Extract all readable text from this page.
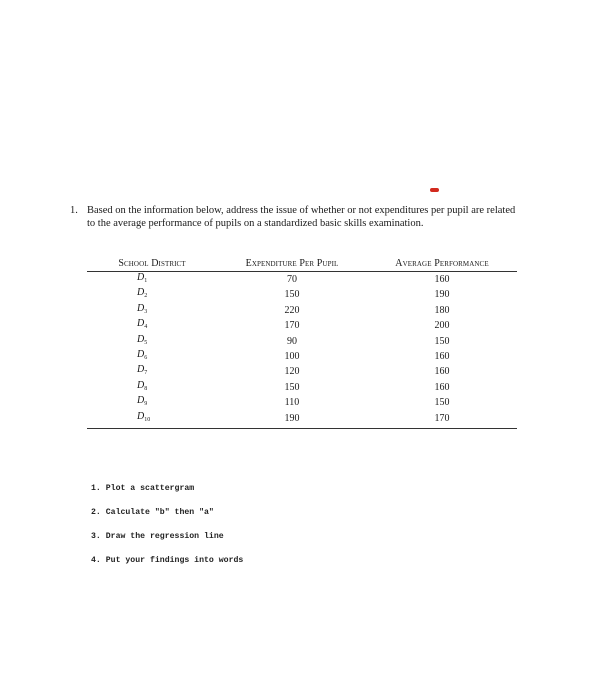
1. Based on the information below, address the issue of whether or not expenditures per pupil are related to the average performance of pupils on a standardized basic skills examination.
School District	Expenditure Per Pupil	Average Performance
$D_1$	70	160
$D_2$	150	190
$D_3$	220	180
$D_4$	170	200
$D_5$	90	150
$D_6$	100	160
$D_7$	120	160
$D_8$	150	160
$D_9$	110	150
$D_{10}$	190	170
1. Plot a scattergram
2. Calculate "b" then "a"
3. Draw the regression line
4. Put your findings into words
